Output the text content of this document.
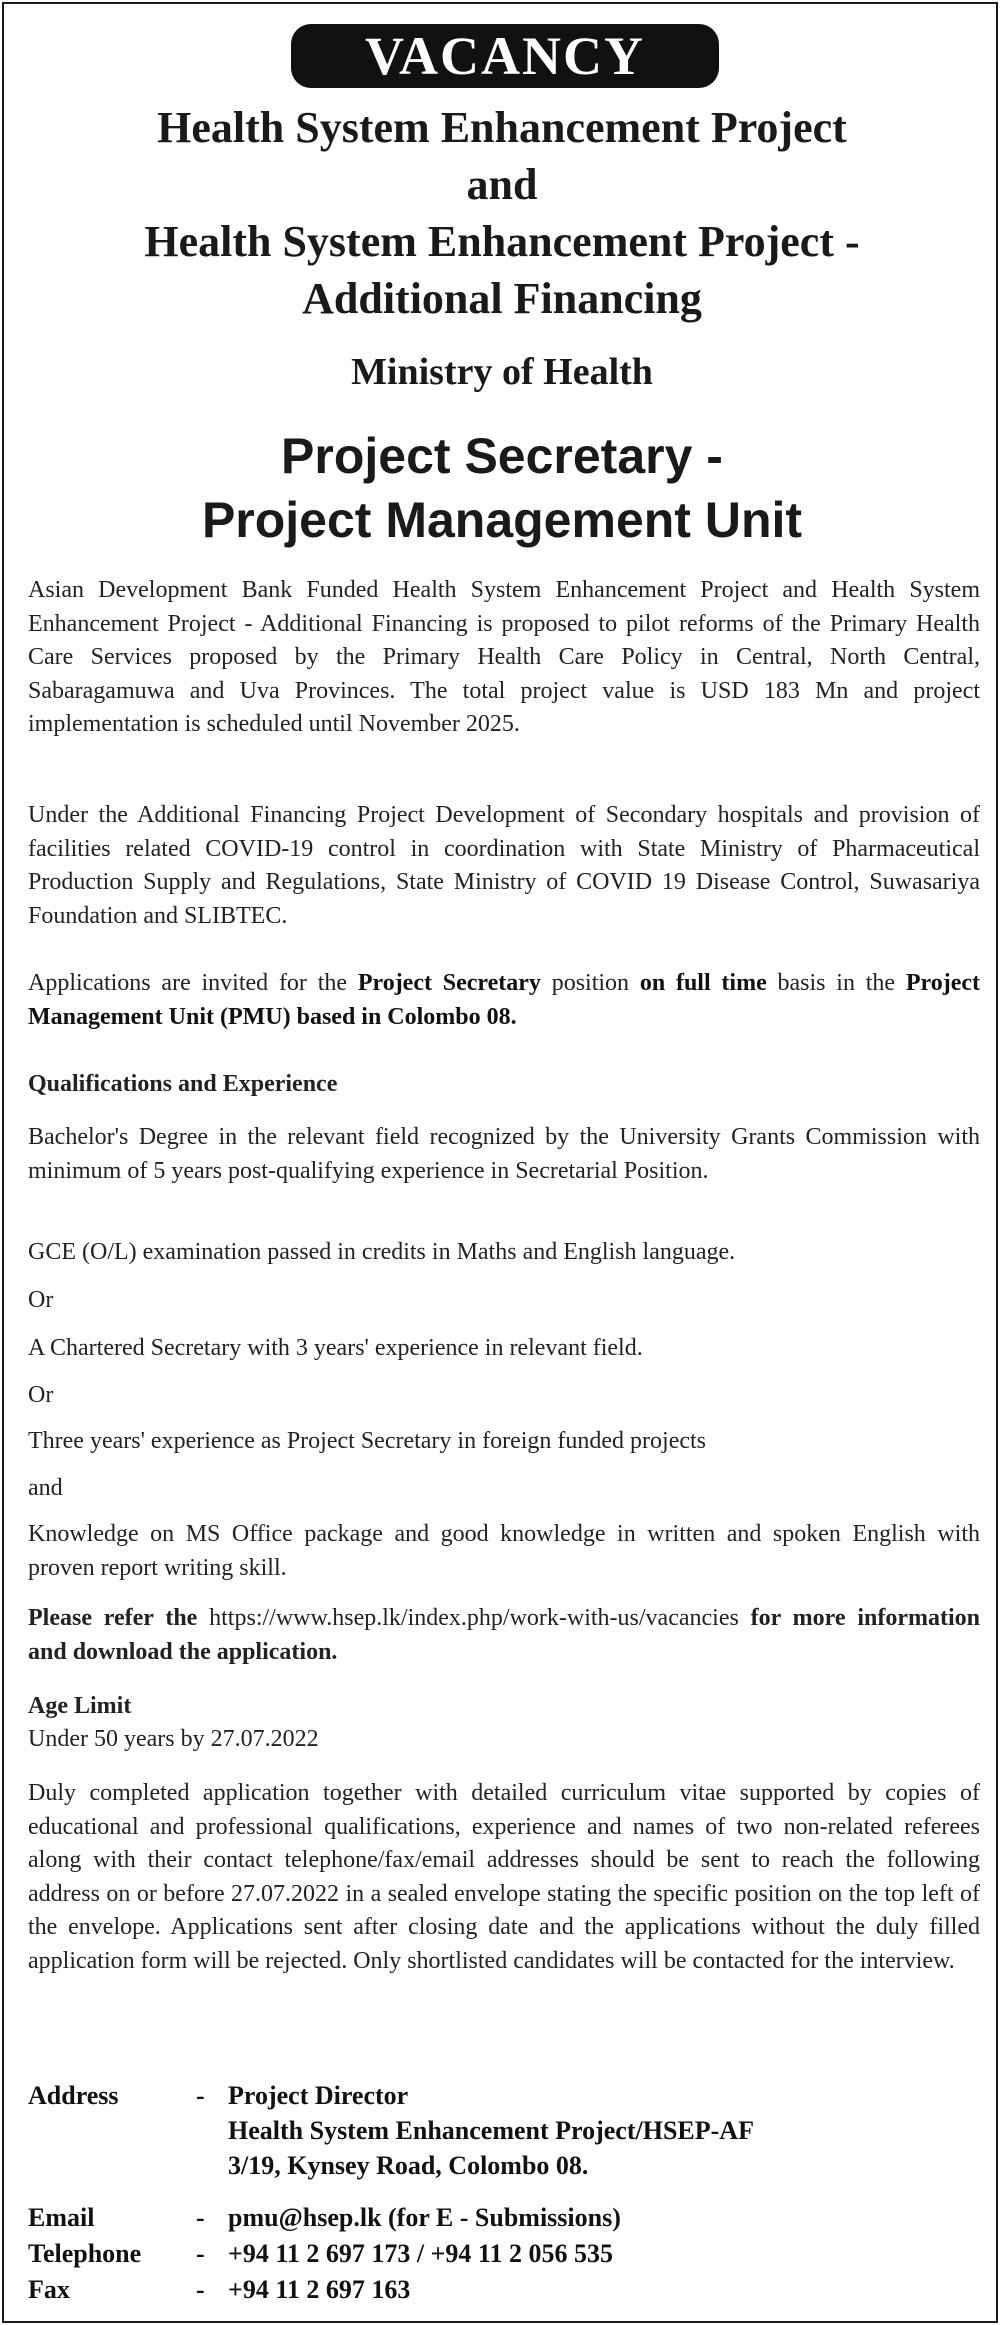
VACANCY
Health System Enhancement Project
and
Health System Enhancement Project -
Additional Financing
Ministry of Health
Project Secretary -
Project Management Unit

Asian Development Bank Funded Health System Enhancement Project and Health System Enhancement Project - Additional Financing is proposed to pilot reforms of the Primary Health Care Services proposed by the Primary Health Care Policy in Central, North Central, Sabaragamuwa and Uva Provinces. The total project value is USD 183 Mn and project implementation is scheduled until November 2025.

Under the Additional Financing Project Development of Secondary hospitals and provision of facilities related COVID-19 control in coordination with State Ministry of Pharmaceutical Production Supply and Regulations, State Ministry of COVID 19 Disease Control, Suwasariya Foundation and SLIBTEC.

Applications are invited for the Project Secretary position on full time basis in the Project Management Unit (PMU) based in Colombo 08.

Qualifications and Experience

Bachelor's Degree in the relevant field recognized by the University Grants Commission with minimum of 5 years post-qualifying experience in Secretarial Position.

GCE (O/L) examination passed in credits in Maths and English language.

Or

A Chartered Secretary with 3 years' experience in relevant field.

Or

Three years' experience as Project Secretary in foreign funded projects

and

Knowledge on MS Office package and good knowledge in written and spoken English with proven report writing skill.

Please refer the https://www.hsep.lk/index.php/work-with-us/vacancies for more information and download the application.

Age Limit
Under 50 years by 27.07.2022

Duly completed application together with detailed curriculum vitae supported by copies of educational and professional qualifications, experience and names of two non-related referees along with their contact telephone/fax/email addresses should be sent to reach the following address on or before 27.07.2022 in a sealed envelope stating the specific position on the top left of the envelope. Applications sent after closing date and the applications without the duly filled application form will be rejected. Only shortlisted candidates will be contacted for the interview.

Address	- Project Director
Health System Enhancement Project/HSEP-AF
3/19, Kynsey Road, Colombo 08.
Email	- pmu@hsep.lk (for E - Submissions)
Telephone - +94 11 2 697 173 / +94 11 2 056 535
Fax	- +94 11 2 697 163
